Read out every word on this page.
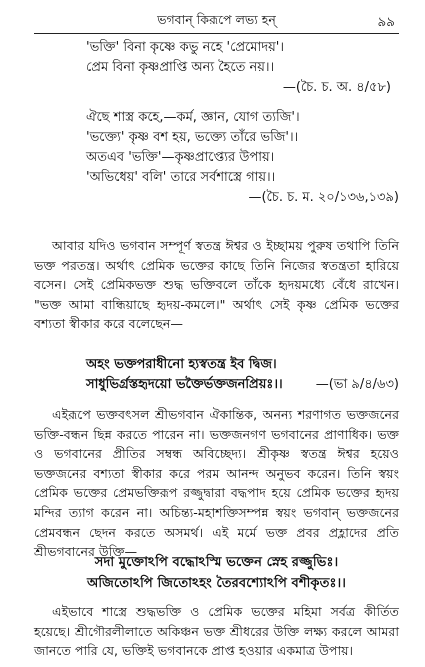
ভগবান্ কিরূপে লভ্য হন্	৯৯
'ভক্তি' বিনা কৃষ্ণে কভু নহে 'প্রেমোদয়'।
প্রেম বিনা কৃষ্ণপ্রাপ্তি অন্য হৈতে নয়।।
—(চৈ. চ. অ. ৪/৫৮)
ঐছে শাস্ত্র কহে,—কর্ম, জ্ঞান, যোগ ত্যজি'।
'ভক্ত্যে' কৃষ্ণ বশ হয়, ভক্ত্যে তাঁরে ভজি'।।
অতএব 'ভক্তি'—কৃষ্ণপ্রাপ্ত্যের উপায়।
'অভিধেয়' বলি' তারে সর্বশাস্ত্রে গায়।।
—(চৈ. চ. ম. ২০/১৩৬,১৩৯)
আবার যদিও ভগবান সম্পূর্ণ স্বতন্ত্র ঈশ্বর ও ইচ্ছাময় পুরুষ তথাপি তিনি ভক্ত পরতন্ত্র। অর্থাৎ প্রেমিক ভক্তের কাছে তিনি নিজের স্বতন্ত্রতা হারিয়ে বসেন। সেই প্রেমিকভক্ত শুদ্ধ ভক্তিবলে তাঁকে হৃদয়মধ্যে বেঁধে রাখেন। "ভক্ত আমা বান্ধিয়াছে হৃদয়-কমলে।" অর্থাৎ সেই কৃষ্ণ প্রেমিক ভক্তের বশ্যতা স্বীকার করে বলেছেন—
অহং ভক্তপরাধীনো হ্যস্বতন্ত্র ইব দ্বিজ।
সাধুভির্গ্রস্তহৃদয়ো ভক্তৈর্ভক্তজনপ্রিয়ঃ।।	—(ভা ৯/৪/৬৩)
এইরূপে ভক্তবৎসল শ্রীভগবান ঐকান্তিক, অনন্য শরণাগত ভক্তজনের ভক্তি-বন্ধন ছিন্ন করতে পারেন না। ভক্তজনগণ ভগবানের প্রাণাধিক। ভক্ত ও ভগবানের প্রীতির সম্বন্ধ অবিচ্ছেদ্য। শ্রীকৃষ্ণ স্বতন্ত্র ঈশ্বর হয়েও ভক্তজনের বশ্যতা স্বীকার করে পরম আনন্দ অনুভব করেন। তিনি স্বয়ং প্রেমিক ভক্তের প্রেমভক্তিরূপ রজ্জুদ্বারা বদ্ধপাদ হয়ে প্রেমিক ভক্তের হৃদয় মন্দির ত্যাগ করেন না। অচিন্ত্য-মহাশক্তিসম্পন্ন স্বয়ং ভগবান্ ভক্তজনের প্রেমবন্ধন ছেদন করতে অসমর্থ। এই মর্মে ভক্ত প্রবর প্রহ্লাদের প্রতি শ্রীভগবানের উক্তি—
সদা মুক্তোঽপি বদ্ধোঽস্মি ভক্তেন স্নেহ রজ্জুভিঃ।
অজিতোঽপি জিতোঽহং তৈরবশ্যোঽপি বশীকৃতঃ।।
এইভাবে শাস্ত্রে শুদ্ধভক্তি ও প্রেমিক ভক্তের মহিমা সর্বত্র কীর্তিত হয়েছে। শ্রীগৌরলীলাতে অকিঞ্চন ভক্ত শ্রীধরের উক্তি লক্ষ্য করলে আমরা জানতে পারি যে, ভক্তিই ভগবানকে প্রাপ্ত হওয়ার একমাত্র উপায়।
